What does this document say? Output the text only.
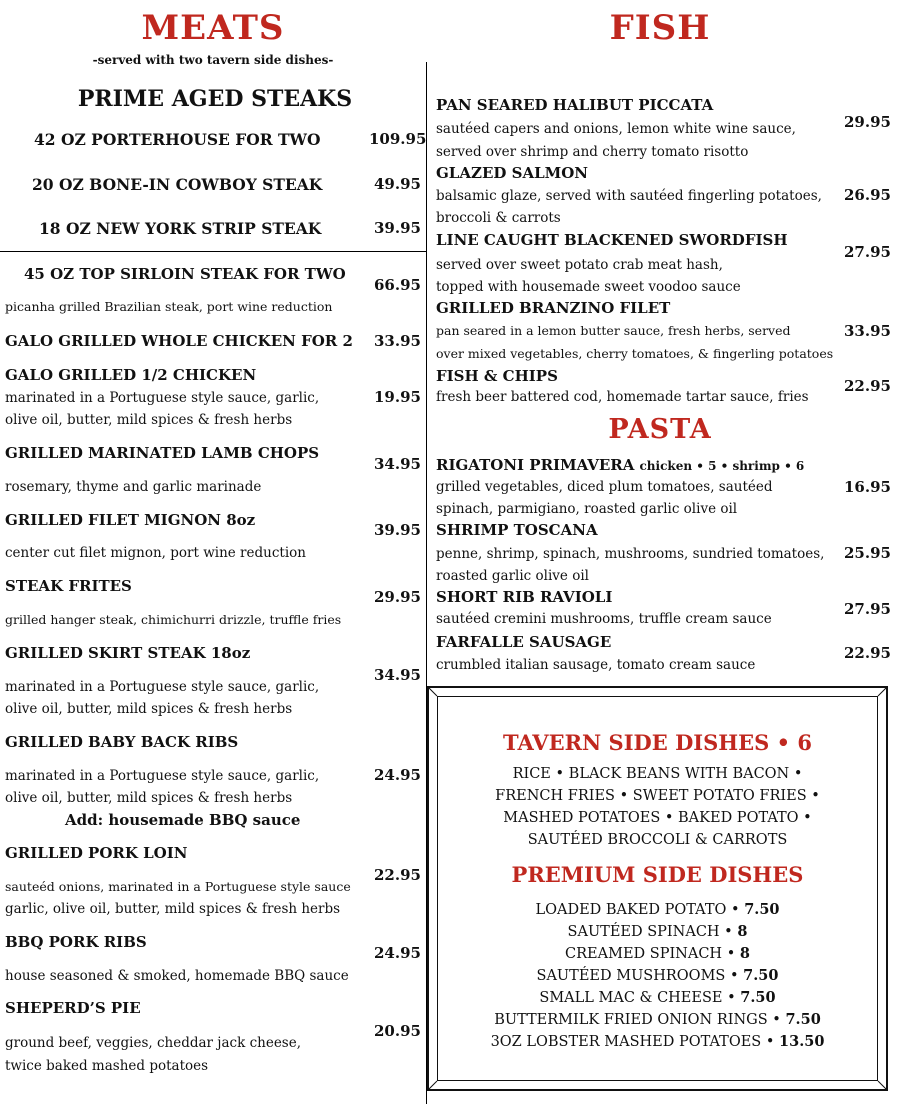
MEATS
-served with two tavern side dishes-
PRIME AGED STEAKS
42 OZ PORTERHOUSE FOR TWO	109.95
20 OZ BONE-IN COWBOY STEAK	49.95
18 OZ NEW YORK STRIP STEAK	39.95
45 OZ TOP SIRLOIN STEAK FOR TWO
picanha grilled Brazilian steak, port wine reduction
66.95
GALO GRILLED WHOLE CHICKEN FOR 2 33.95
GALO GRILLED 1/2 CHICKEN
marinated in a Portuguese style sauce, garlic,
olive oil, butter, mild spices & fresh herbs
19.95
GRILLED MARINATED LAMB CHOPS
rosemary, thyme and garlic marinade
34.95
GRILLED FILET MIGNON 8oz
center cut filet mignon, port wine reduction
39.95
STEAK FRITES
grilled hanger steak, chimichurri drizzle, truffle fries
29.95
GRILLED SKIRT STEAK 18oz
marinated in a Portuguese style sauce, garlic,
olive oil, butter, mild spices & fresh herbs
34.95
GRILLED BABY BACK RIBS
marinated in a Portuguese style sauce, garlic,
olive oil, butter, mild spices & fresh herbs
Add: housemade BBQ sauce
24.95
GRILLED PORK LOIN
sauteéd onions, marinated in a Portuguese style sauce
garlic, olive oil, butter, mild spices & fresh herbs
22.95
BBQ PORK RIBS
house seasoned & smoked, homemade BBQ sauce
24.95
SHEPERD’S PIE
ground beef, veggies, cheddar jack cheese,
twice baked mashed potatoes
20.95
FISH
PAN SEARED HALIBUT PICCATA
sautéed capers and onions, lemon white wine sauce,
served over shrimp and cherry tomato risotto
29.95
GLAZED SALMON
balsamic glaze, served with sautéed fingerling potatoes,
broccoli & carrots
26.95
LINE CAUGHT BLACKENED SWORDFISH
served over sweet potato crab meat hash,
topped with housemade sweet voodoo sauce
27.95
GRILLED BRANZINO FILET
pan seared in a lemon butter sauce, fresh herbs, served
over mixed vegetables, cherry tomatoes, & fingerling potatoes
33.95
FISH & CHIPS
fresh beer battered cod, homemade tartar sauce, fries
22.95
PASTA
RIGATONI PRIMAVERA chicken • 5 • shrimp • 6
grilled vegetables, diced plum tomatoes, sautéed
spinach, parmigiano, roasted garlic olive oil
16.95
SHRIMP TOSCANA
penne, shrimp, spinach, mushrooms, sundried tomatoes,
roasted garlic olive oil
25.95
SHORT RIB RAVIOLI
sautéed cremini mushrooms, truffle cream sauce
27.95
FARFALLE SAUSAGE
crumbled italian sausage, tomato cream sauce
22.95
TAVERN SIDE DISHES • 6
RICE • BLACK BEANS WITH BACON •
FRENCH FRIES • SWEET POTATO FRIES •
MASHED POTATOES • BAKED POTATO •
SAUTÉED BROCCOLI & CARROTS
PREMIUM SIDE DISHES
LOADED BAKED POTATO • 7.50
SAUTÉED SPINACH • 8
CREAMED SPINACH • 8
SAUTÉED MUSHROOMS • 7.50
SMALL MAC & CHEESE • 7.50
BUTTERMILK FRIED ONION RINGS • 7.50
3OZ LOBSTER MASHED POTATOES • 13.50
